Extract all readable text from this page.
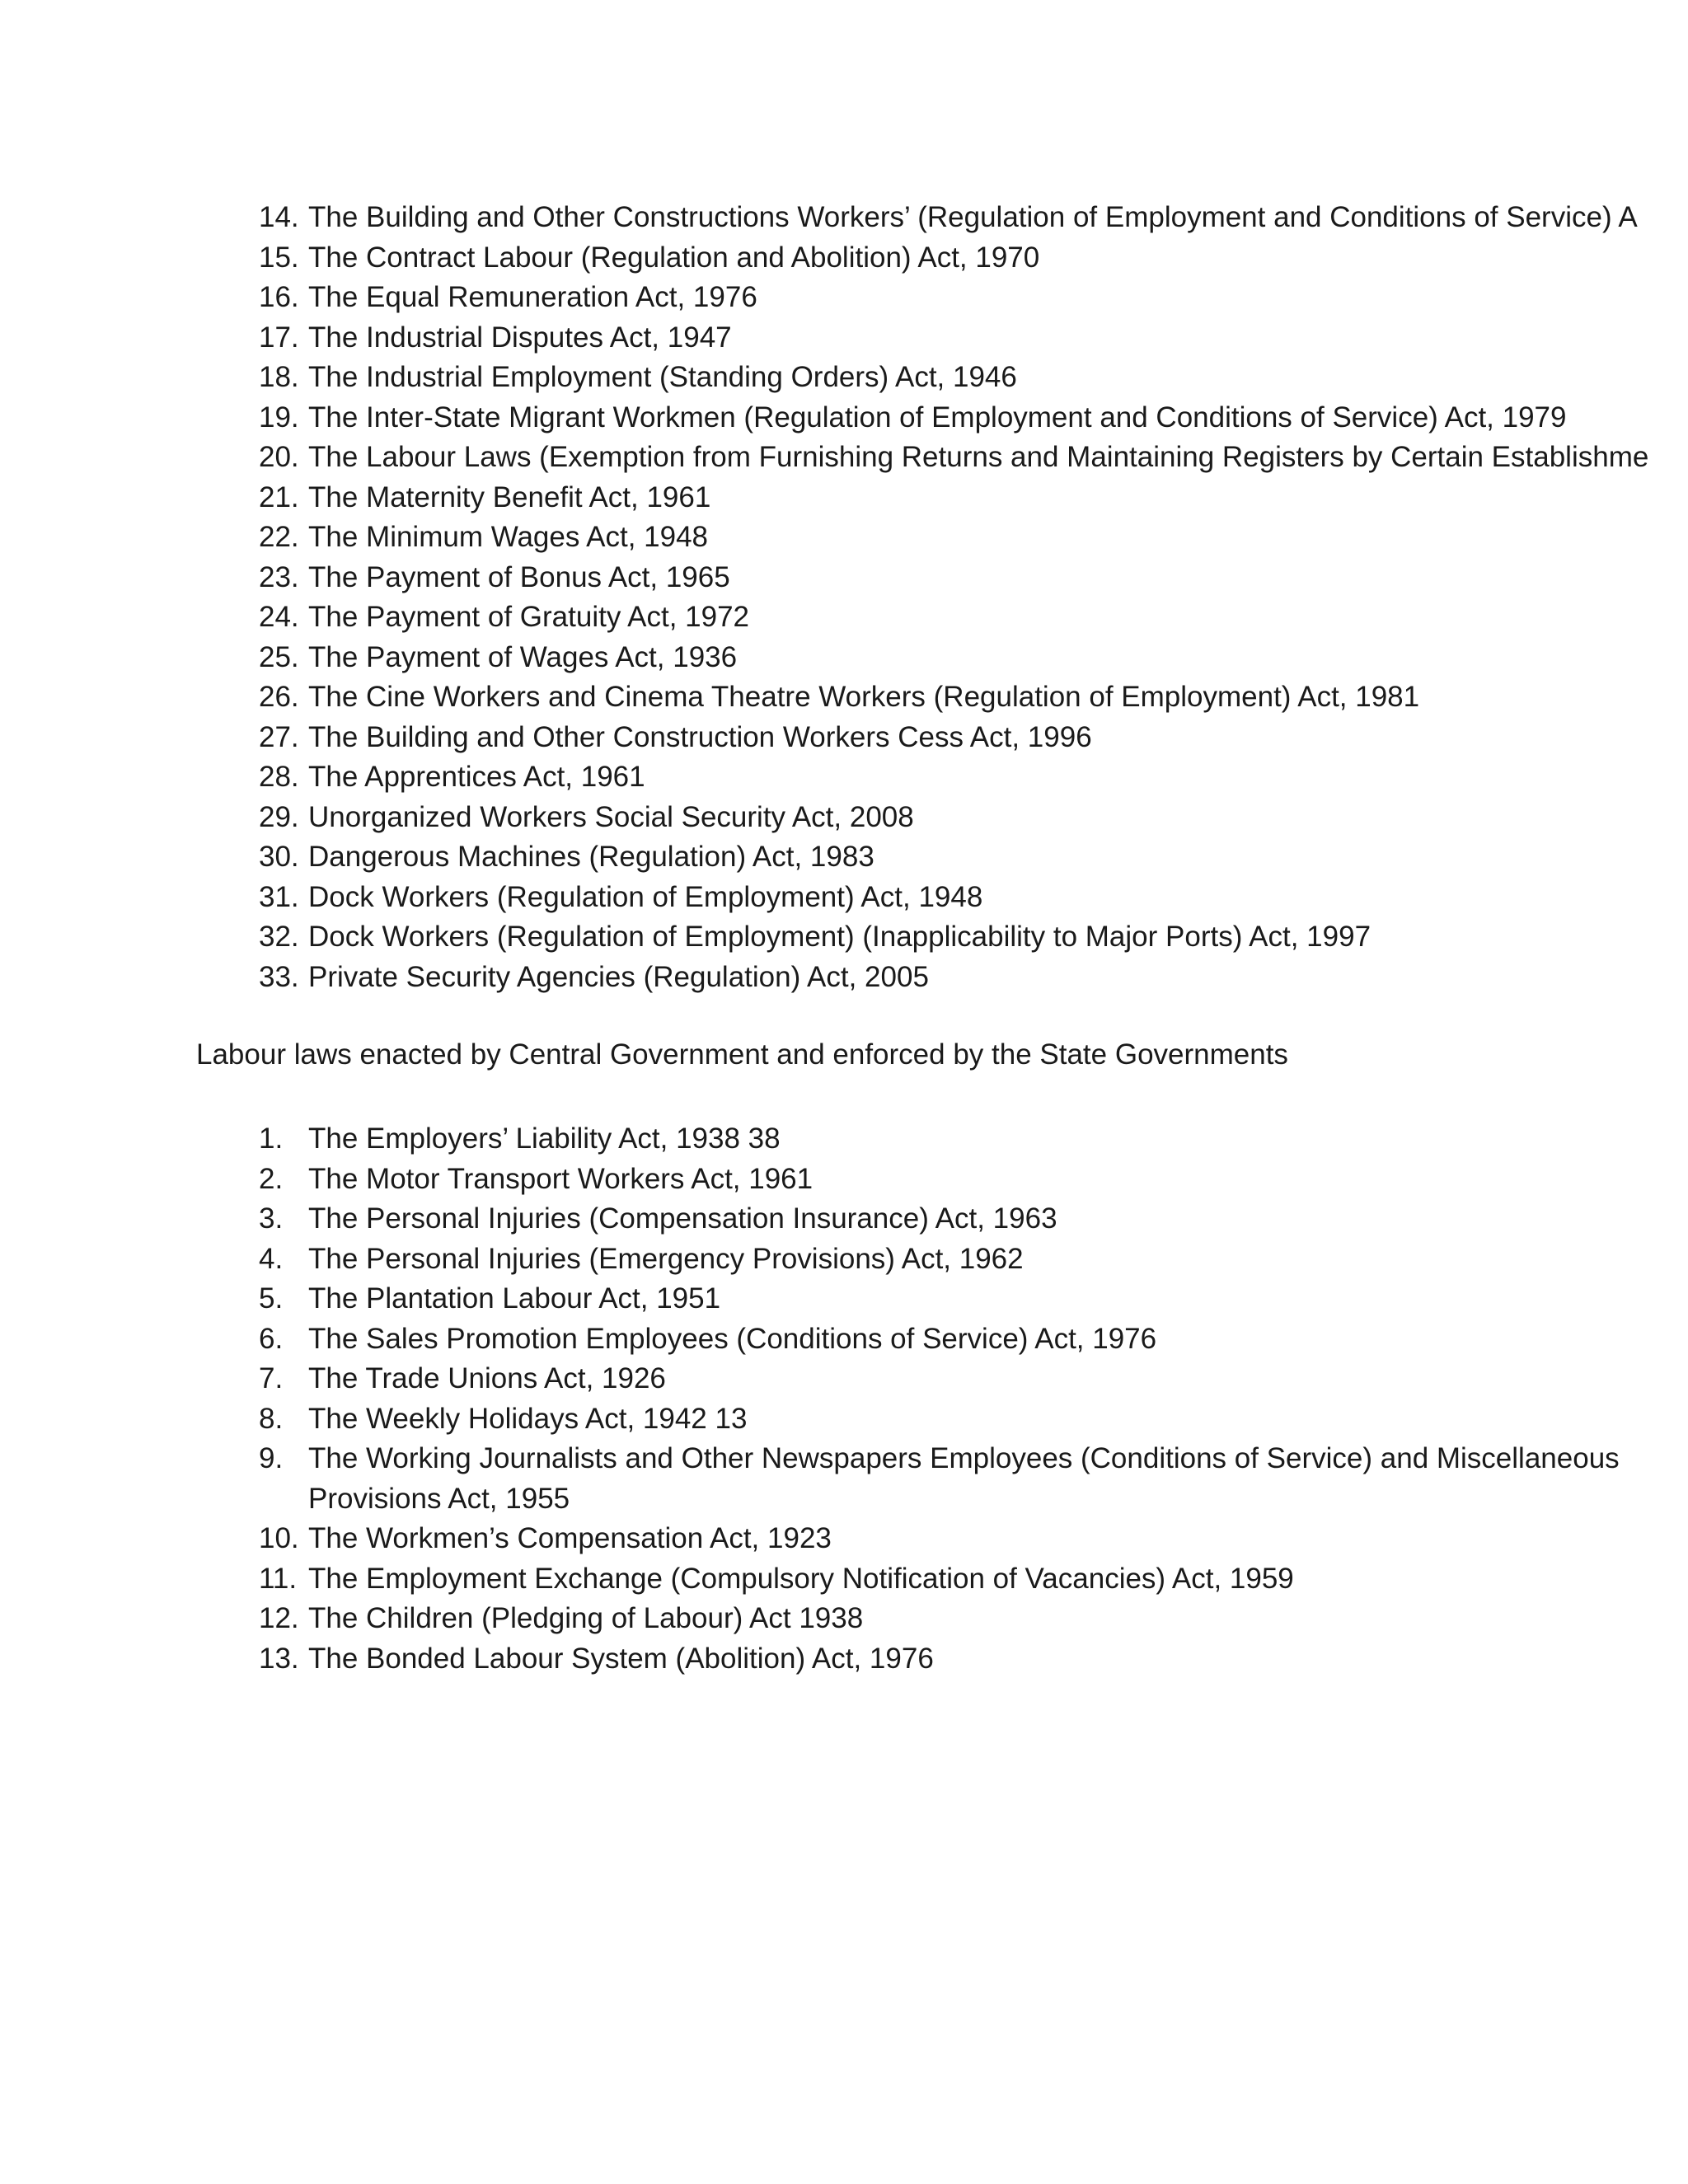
14. The Building and Other Constructions Workers’ (Regulation of Employment and Conditions of Service) A
15. The Contract Labour (Regulation and Abolition) Act, 1970
16. The Equal Remuneration Act, 1976
17. The Industrial Disputes Act, 1947
18. The Industrial Employment (Standing Orders) Act, 1946
19. The Inter-State Migrant Workmen (Regulation of Employment and Conditions of Service) Act, 1979
20. The Labour Laws (Exemption from Furnishing Returns and Maintaining Registers by Certain Establishme
21. The Maternity Benefit Act, 1961
22. The Minimum Wages Act, 1948
23. The Payment of Bonus Act, 1965
24. The Payment of Gratuity Act, 1972
25. The Payment of Wages Act, 1936
26. The Cine Workers and Cinema Theatre Workers (Regulation of Employment) Act, 1981
27. The Building and Other Construction Workers Cess Act, 1996
28. The Apprentices Act, 1961
29. Unorganized Workers Social Security Act, 2008
30. Dangerous Machines (Regulation) Act, 1983
31. Dock Workers (Regulation of Employment) Act, 1948
32. Dock Workers (Regulation of Employment) (Inapplicability to Major Ports) Act, 1997
33. Private Security Agencies (Regulation) Act, 2005
Labour laws enacted by Central Government and enforced by the State Governments
1. The Employers’ Liability Act, 1938 38
2. The Motor Transport Workers Act, 1961
3. The Personal Injuries (Compensation Insurance) Act, 1963
4. The Personal Injuries (Emergency Provisions) Act, 1962
5. The Plantation Labour Act, 1951
6. The Sales Promotion Employees (Conditions of Service) Act, 1976
7. The Trade Unions Act, 1926
8. The Weekly Holidays Act, 1942 13
9. The Working Journalists and Other Newspapers Employees (Conditions of Service) and Miscellaneous Provisions Act, 1955
10. The Workmen’s Compensation Act, 1923
11. The Employment Exchange (Compulsory Notification of Vacancies) Act, 1959
12. The Children (Pledging of Labour) Act 1938
13. The Bonded Labour System (Abolition) Act, 1976
